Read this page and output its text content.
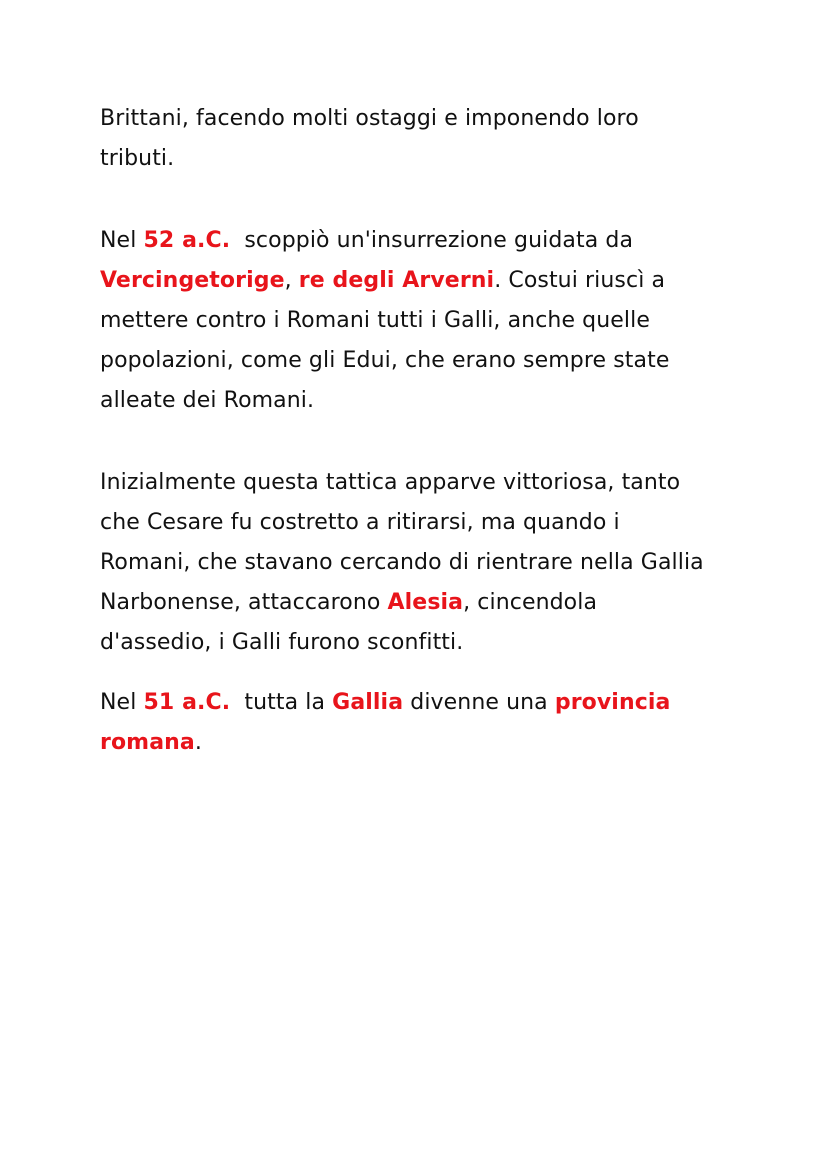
Brittani, facendo molti ostaggi e imponendo loro
tributi.
Nel 52 a.C.  scoppiò un'insurrezione guidata da
Vercingetorige, re degli Arverni. Costui riuscì a
mettere contro i Romani tutti i Galli, anche quelle
popolazioni, come gli Edui, che erano sempre state
alleate dei Romani.
Inizialmente questa tattica apparve vittoriosa, tanto
che Cesare fu costretto a ritirarsi, ma quando i
Romani, che stavano cercando di rientrare nella Gallia
Narbonense, attaccarono Alesia, cincendola
d'assedio, i Galli furono sconfitti.
Nel 51 a.C.  tutta la Gallia divenne una provincia
romana.
